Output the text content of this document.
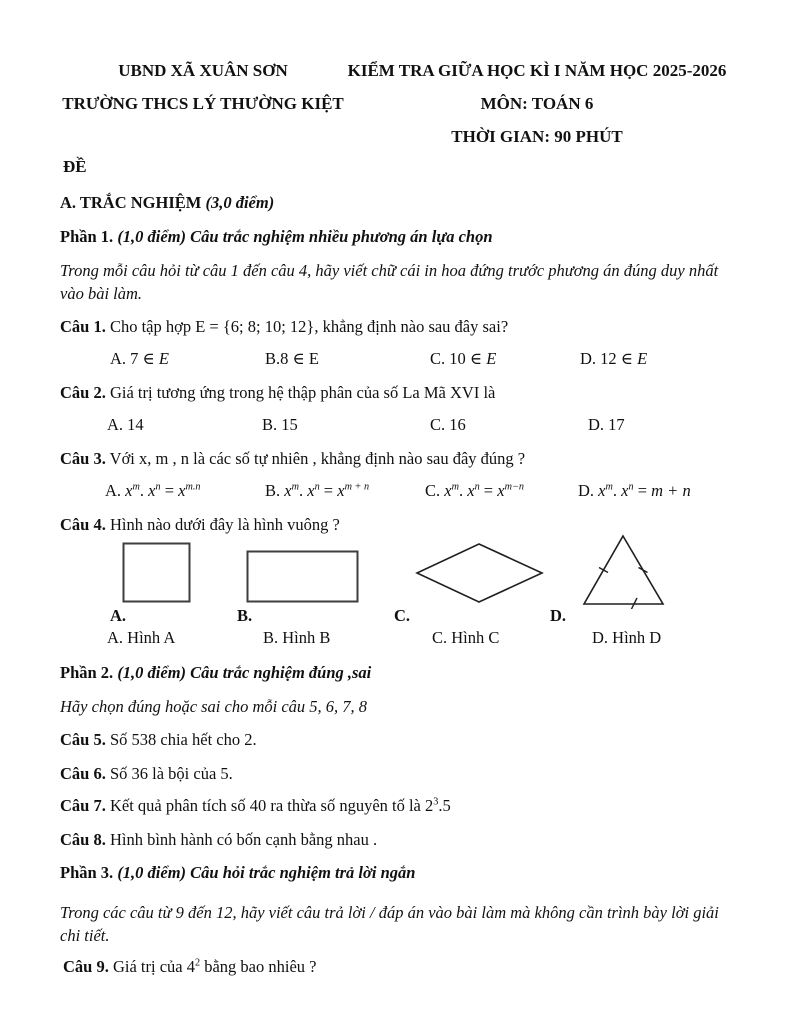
UBND XÃ XUÂN SƠN
TRƯỜNG THCS LÝ THƯỜNG KIỆT
KIỂM TRA GIỮA HỌC KÌ I NĂM HỌC 2025-2026
MÔN: TOÁN 6
THỜI GIAN: 90 PHÚT
ĐỀ

A. TRẮC NGHIỆM (3,0 điểm)

Phần 1. (1,0 điểm) Câu trắc nghiệm nhiều phương án lựa chọn

Trong mỗi câu hỏi từ câu 1 đến câu 4, hãy viết chữ cái in hoa đứng trước phương án đúng duy nhất vào bài làm.

Câu 1. Cho tập hợp E = {6; 8; 10; 12}, khẳng định nào sau đây sai?

A. 7 ∈ E	B.8 ∈ E	C. 10 ∈ E	D. 12 ∈ E

Câu 2. Giá trị tương ứng trong hệ thập phân của số La Mã XVI là

A. 14	B. 15	C. 16	D. 17

Câu 3. Với x, m , n là các số tự nhiên , khẳng định nào sau đây đúng ?

A. $x^m$. $x^n = x^{m.n}$	B. $x^m$. $x^n = x^{m + n}$	C. $x^m$. $x^n = x^{m-n}$	D. $x^m$. $x^n = m + n$

Câu 4. Hình nào dưới đây là hình vuông ?

A.	B.	C.	D.
A. Hình A	B. Hình B	C. Hình C	D. Hình D

Phần 2. (1,0 điểm) Câu trắc nghiệm đúng ,sai

Hãy chọn đúng hoặc sai cho mỗi câu 5, 6, 7, 8

Câu 5. Số 538 chia hết cho 2.

Câu 6. Số 36 là bội của 5.

Câu 7. Kết quả phân tích số 40 ra thừa số nguyên tố là $2^3.5$

Câu 8. Hình bình hành có bốn cạnh bằng nhau .

Phần 3. (1,0 điểm) Câu hỏi trắc nghiệm trả lời ngắn

Trong các câu từ 9 đến 12, hãy viết câu trả lời / đáp án vào bài làm mà không cần trình bày lời giải chi tiết.

Câu 9. Giá trị của $4^2$ bằng bao nhiêu ?
